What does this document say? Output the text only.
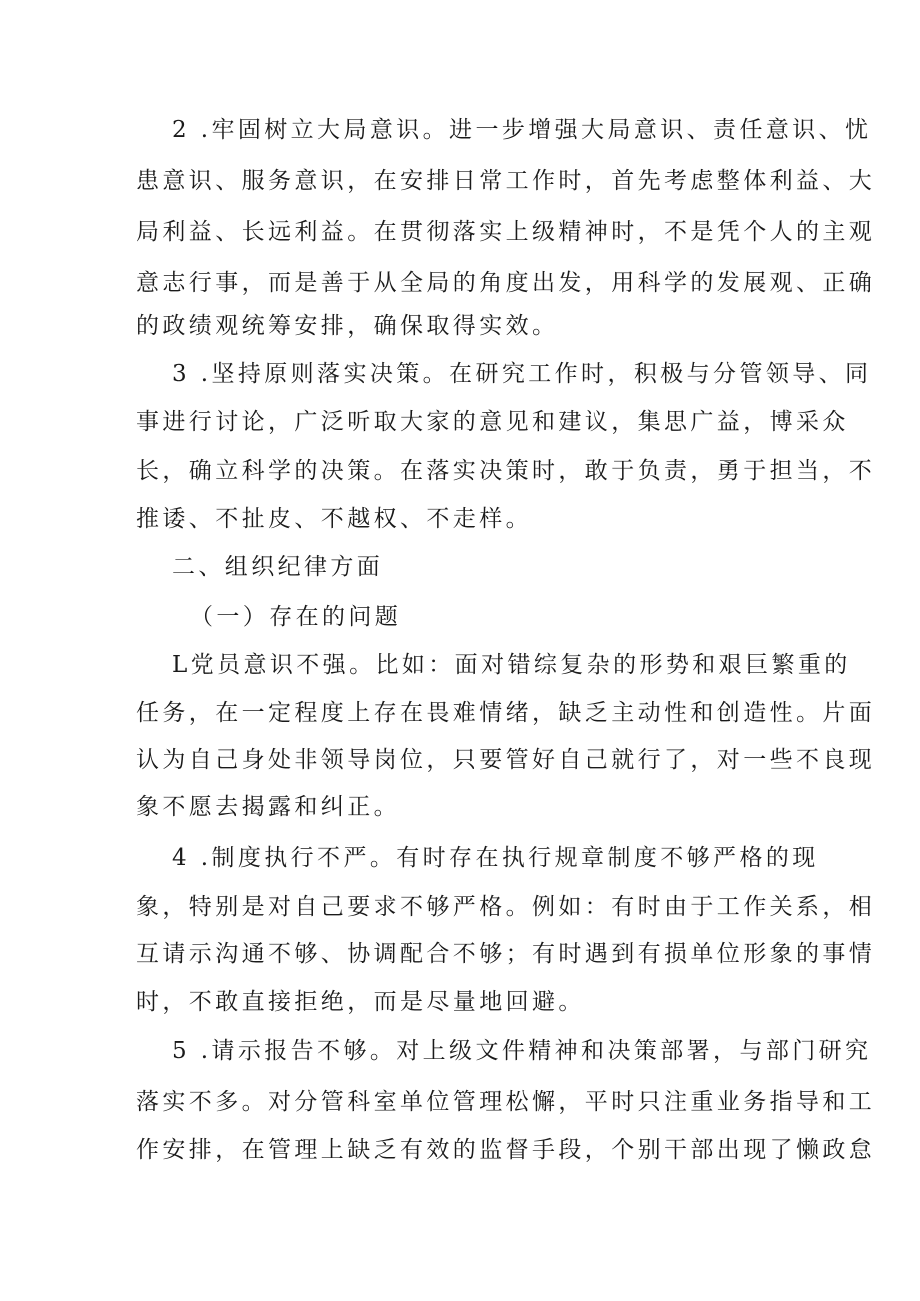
2 .牢固树立大局意识。进一步增强大局意识、责任意识、忧

患意识、服务意识，在安排日常工作时，首先考虑整体利益、大

局利益、长远利益。在贯彻落实上级精神时，不是凭个人的主观

意志行事，而是善于从全局的角度出发，用科学的发展观、正确

的政绩观统筹安排，确保取得实效。

3 .坚持原则落实决策。在研究工作时，积极与分管领导、同

事进行讨论，广泛听取大家的意见和建议，集思广益，博采众

长，确立科学的决策。在落实决策时，敢于负责，勇于担当，不

推诿、不扯皮、不越权、不走样。

二、组织纪律方面

（一）存在的问题

L党员意识不强。比如：面对错综复杂的形势和艰巨繁重的

任务，在一定程度上存在畏难情绪，缺乏主动性和创造性。片面

认为自己身处非领导岗位，只要管好自己就行了，对一些不良现

象不愿去揭露和纠正。

4 .制度执行不严。有时存在执行规章制度不够严格的现

象，特别是对自己要求不够严格。例如：有时由于工作关系，相

互请示沟通不够、协调配合不够；有时遇到有损单位形象的事情

时，不敢直接拒绝，而是尽量地回避。

5 .请示报告不够。对上级文件精神和决策部署，与部门研究

落实不多。对分管科室单位管理松懈，平时只注重业务指导和工

作安排，在管理上缺乏有效的监督手段，个别干部出现了懒政怠
